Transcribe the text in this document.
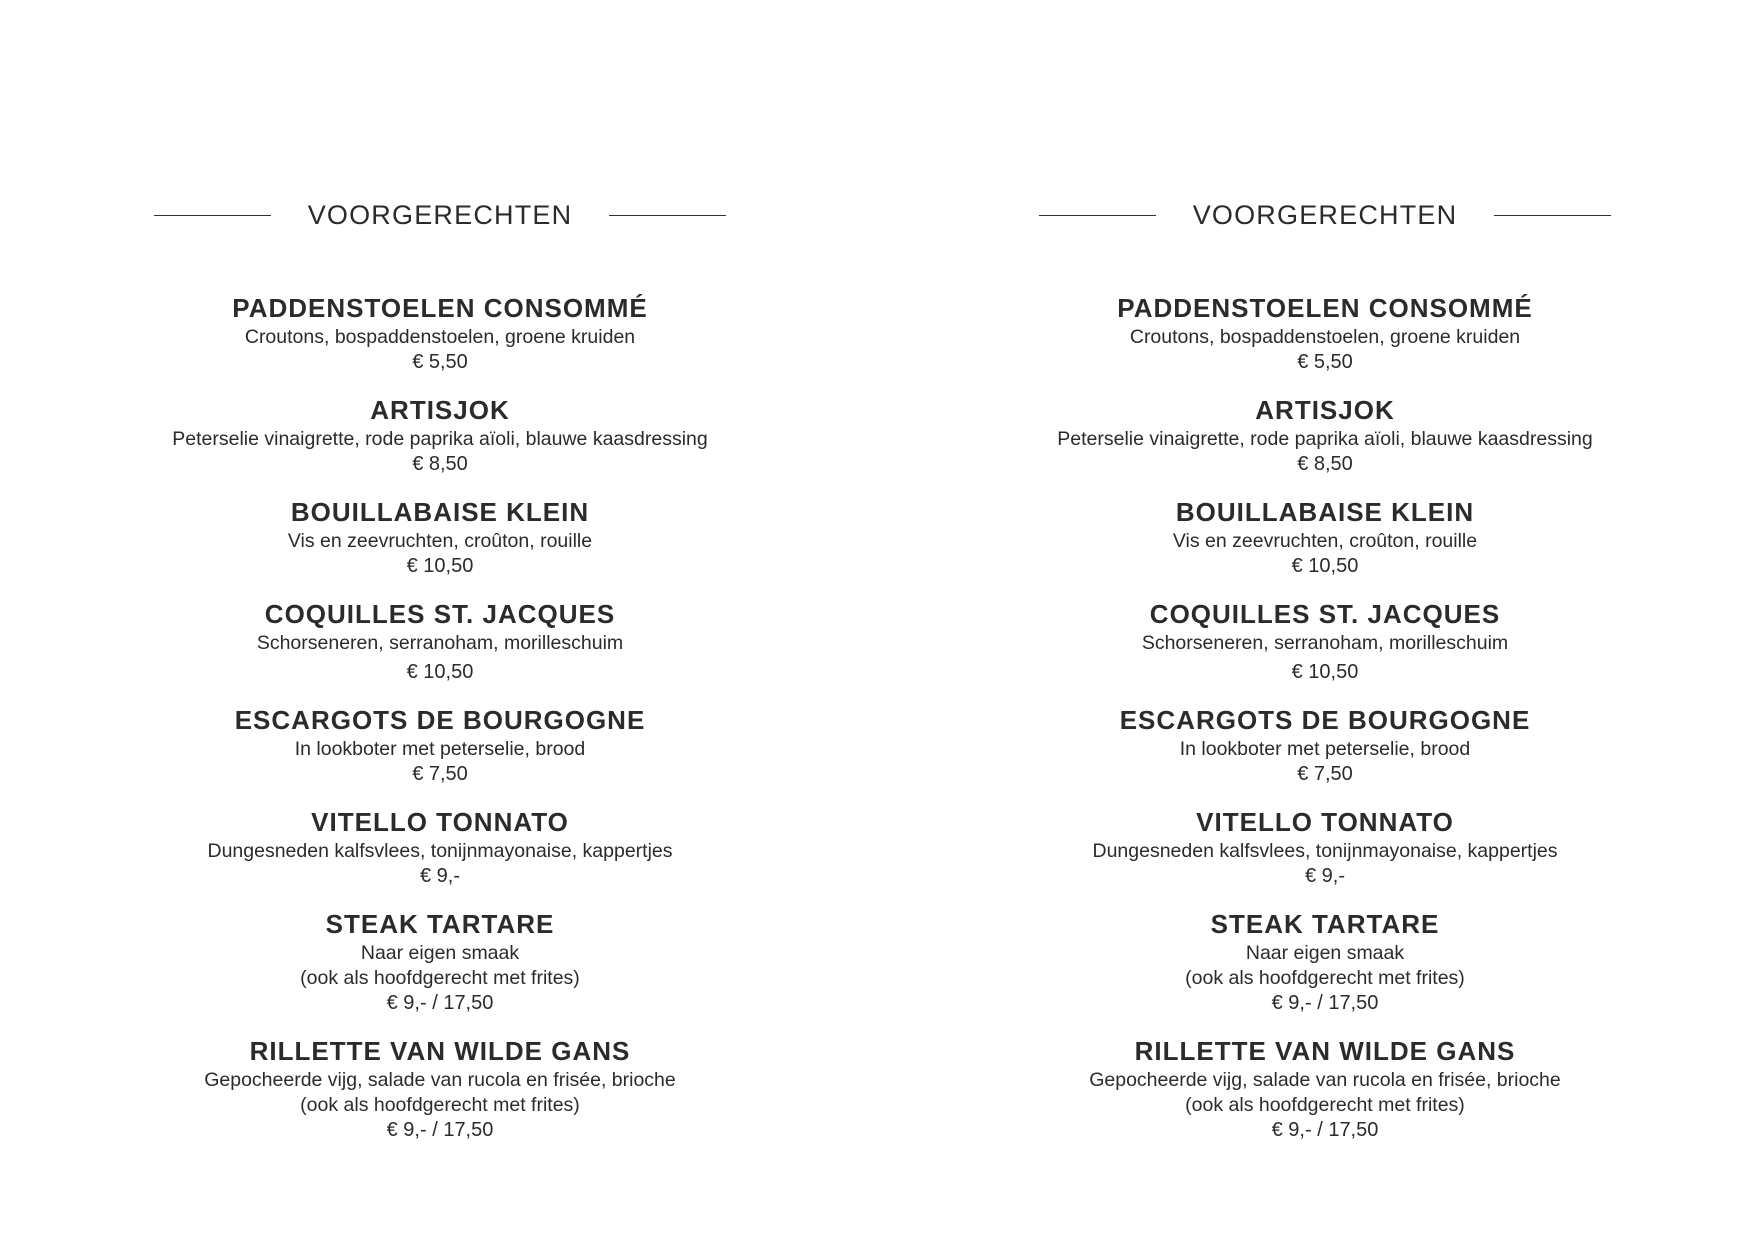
VOORGERECHTEN
PADDENSTOELEN CONSOMMÉ
Croutons, bospaddenstoelen, groene kruiden
€ 5,50
ARTISJOK
Peterselie vinaigrette, rode paprika aïoli, blauwe kaasdressing
€ 8,50
BOUILLABAISE KLEIN
Vis en zeevruchten, croûton, rouille
€ 10,50
COQUILLES ST. JACQUES
Schorseneren, serranoham, morilleschuim
€ 10,50
ESCARGOTS DE BOURGOGNE
In lookboter met peterselie, brood
€ 7,50
VITELLO TONNATO
Dungesneden kalfsvlees, tonijnmayonaise, kappertjes
€ 9,-
STEAK TARTARE
Naar eigen smaak
(ook als hoofdgerecht met frites)
€ 9,- / 17,50
RILLETTE VAN WILDE GANS
Gepocheerde vijg, salade van rucola en frisée, brioche
(ook als hoofdgerecht met frites)
€ 9,- / 17,50
VOORGERECHTEN
PADDENSTOELEN CONSOMMÉ
Croutons, bospaddenstoelen, groene kruiden
€ 5,50
ARTISJOK
Peterselie vinaigrette, rode paprika aïoli, blauwe kaasdressing
€ 8,50
BOUILLABAISE KLEIN
Vis en zeevruchten, croûton, rouille
€ 10,50
COQUILLES ST. JACQUES
Schorseneren, serranoham, morilleschuim
€ 10,50
ESCARGOTS DE BOURGOGNE
In lookboter met peterselie, brood
€ 7,50
VITELLO TONNATO
Dungesneden kalfsvlees, tonijnmayonaise, kappertjes
€ 9,-
STEAK TARTARE
Naar eigen smaak
(ook als hoofdgerecht met frites)
€ 9,- / 17,50
RILLETTE VAN WILDE GANS
Gepocheerde vijg, salade van rucola en frisée, brioche
(ook als hoofdgerecht met frites)
€ 9,- / 17,50
